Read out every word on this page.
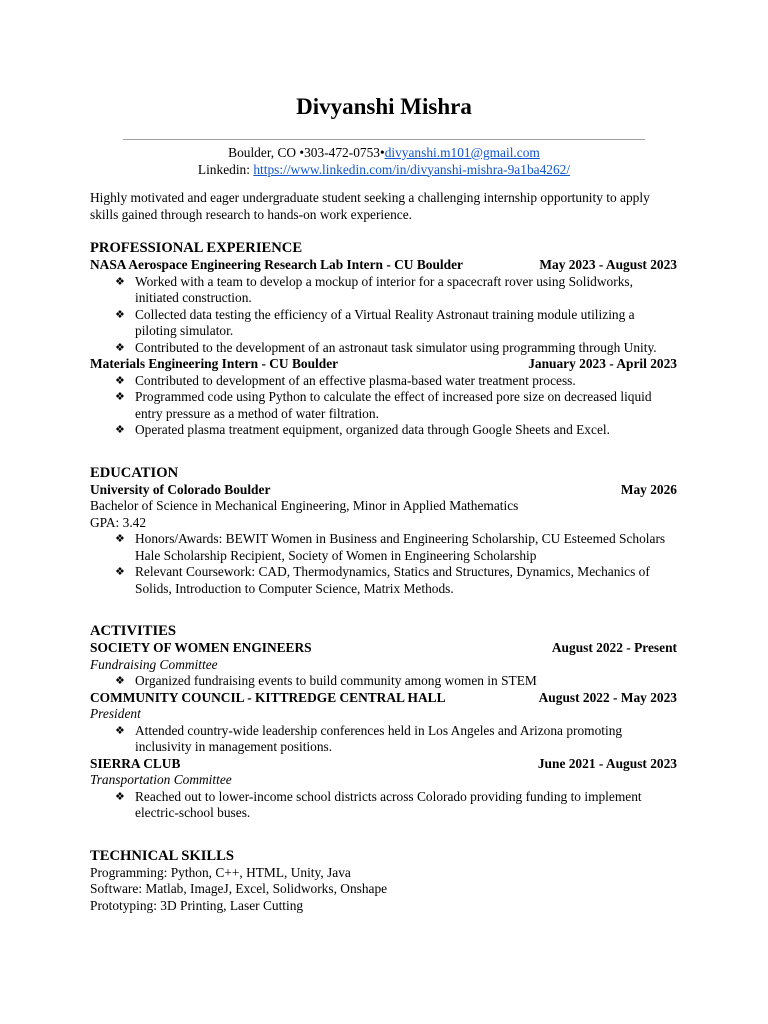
Divyanshi Mishra
Boulder, CO •303-472-0753•divyanshi.m101@gmail.com
Linkedin: https://www.linkedin.com/in/divyanshi-mishra-9a1ba4262/

Highly motivated and eager undergraduate student seeking a challenging internship opportunity to apply skills gained through research to hands-on work experience.

PROFESSIONAL EXPERIENCE
NASA Aerospace Engineering Research Lab Intern - CU Boulder	May 2023 - August 2023
❖ Worked with a team to develop a mockup of interior for a spacecraft rover using Solidworks, initiated construction.
❖ Collected data testing the efficiency of a Virtual Reality Astronaut training module utilizing a piloting simulator.
❖ Contributed to the development of an astronaut task simulator using programming through Unity.
Materials Engineering Intern - CU Boulder	January 2023 - April 2023
❖ Contributed to development of an effective plasma-based water treatment process.
❖ Programmed code using Python to calculate the effect of increased pore size on decreased liquid entry pressure as a method of water filtration.
❖ Operated plasma treatment equipment, organized data through Google Sheets and Excel.
EDUCATION
University of Colorado Boulder	May 2026
Bachelor of Science in Mechanical Engineering, Minor in Applied Mathematics
GPA: 3.42
❖ Honors/Awards: BEWIT Women in Business and Engineering Scholarship, CU Esteemed Scholars Hale Scholarship Recipient, Society of Women in Engineering Scholarship
❖ Relevant Coursework: CAD, Thermodynamics, Statics and Structures, Dynamics, Mechanics of Solids, Introduction to Computer Science, Matrix Methods.
ACTIVITIES
SOCIETY OF WOMEN ENGINEERS	August 2022 - Present
Fundraising Committee
❖ Organized fundraising events to build community among women in STEM
COMMUNITY COUNCIL - KITTREDGE CENTRAL HALL	August 2022 - May 2023
President
❖ Attended country-wide leadership conferences held in Los Angeles and Arizona promoting inclusivity in management positions.
SIERRA CLUB	June 2021 - August 2023
Transportation Committee
❖ Reached out to lower-income school districts across Colorado providing funding to implement electric-school buses.
TECHNICAL SKILLS
Programming: Python, C++, HTML, Unity, Java
Software: Matlab, ImageJ, Excel, Solidworks, Onshape
Prototyping: 3D Printing, Laser Cutting
